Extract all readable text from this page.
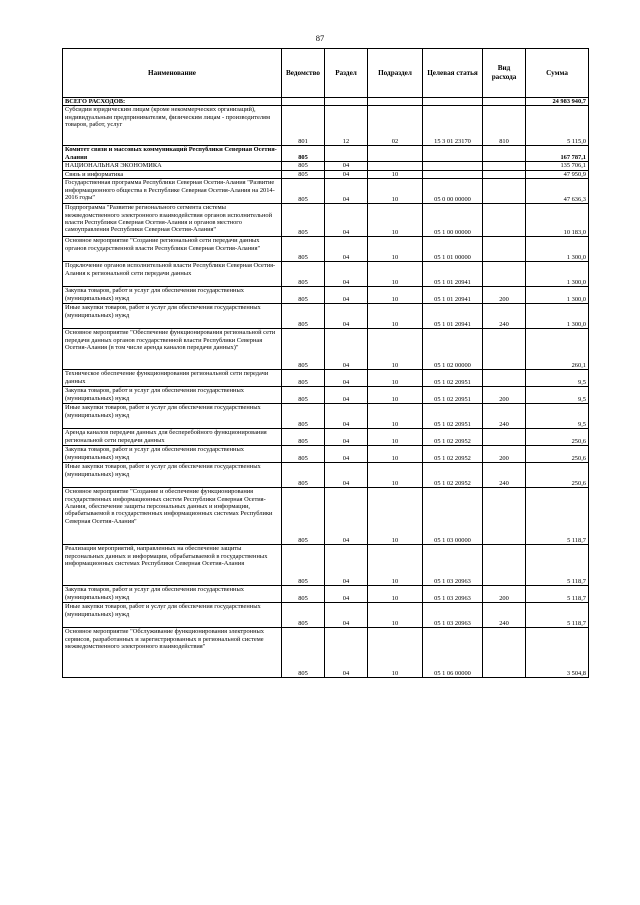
87
Наименование	Ведомство	Раздел	Подраздел	Целевая статья	Вид расхода	Сумма
ВСЕГО РАСХОДОВ:						24 983 940,7
Субсидии юридическим лицам (кроме некоммерческих организаций), индивидуальным предпринимателям, физическим лицам - производителям товаров, работ, услуг	801	12	02	15 3 01 23170	810	5 115,0
Комитет связи и массовых коммуникаций Республики Северная Осетия-Алания	805					167 787,1
НАЦИОНАЛЬНАЯ ЭКОНОМИКА	805	04				135 706,1
Связь и информатика	805	04	10			47 950,9
Государственная программа Республики Северная Осетия-Алания "Развитие информационного общества в Республике Северная Осетия-Алания на 2014-2016 годы"	805	04	10	05 0 00 00000		47 636,3
Подпрограмма "Развитие регионального сегмента системы межведомственного электронного взаимодействия органов исполнительной власти Республики Северная Осетия-Алания и органов местного самоуправления Республики Северная Осетия-Алания"	805	04	10	05 1 00 00000		10 183,0
Основное мероприятие "Создание региональной сети передачи данных органов государственной власти Республики Северная Осетия-Алания"	805	04	10	05 1 01 00000		1 300,0
Подключение органов исполнительной власти Республики Северная Осетия-Алания к региональной сети передачи данных	805	04	10	05 1 01 20941		1 300,0
Закупка товаров, работ и услуг для обеспечения государственных (муниципальных) нужд	805	04	10	05 1 01 20941	200	1 300,0
Иные закупки товаров, работ и услуг для обеспечения государственных (муниципальных) нужд	805	04	10	05 1 01 20941	240	1 300,0
Основное мероприятие "Обеспечение функционирования региональной сети передачи данных органов государственной власти Республики Северная Осетия-Алания (в том числе аренда каналов передачи данных)"	805	04	10	05 1 02 00000		260,1
Техническое обеспечение функционирования региональной сети передачи данных	805	04	10	05 1 02 20951		9,5
Закупка товаров, работ и услуг для обеспечения государственных (муниципальных) нужд	805	04	10	05 1 02 20951	200	9,5
Иные закупки товаров, работ и услуг для обеспечения государственных (муниципальных) нужд	805	04	10	05 1 02 20951	240	9,5
Аренда каналов передачи данных для бесперебойного функционирования региональной сети передачи данных	805	04	10	05 1 02 20952		250,6
Закупка товаров, работ и услуг для обеспечения государственных (муниципальных) нужд	805	04	10	05 1 02 20952	200	250,6
Иные закупки товаров, работ и услуг для обеспечения государственных (муниципальных) нужд	805	04	10	05 1 02 20952	240	250,6
Основное мероприятие "Создание и обеспечение функционирования государственных информационных систем Республики Северная Осетия-Алания, обеспечение защиты персональных данных и информации, обрабатываемой в государственных информационных системах Республики Северная Осетия-Алания"	805	04	10	05 1 03 00000		5 118,7
Реализация мероприятий, направленных на обеспечение защиты персональных данных и информации, обрабатываемой в государственных информационных системах Республики Северная Осетия-Алания	805	04	10	05 1 03 20963		5 118,7
Закупка товаров, работ и услуг для обеспечения государственных (муниципальных) нужд	805	04	10	05 1 03 20963	200	5 118,7
Иные закупки товаров, работ и услуг для обеспечения государственных (муниципальных) нужд	805	04	10	05 1 03 20963	240	5 118,7
Основное мероприятие "Обслуживание функционирования электронных сервисов, разработанных и зарегистрированных в региональной системе межведомственного электронного взаимодействия"	805	04	10	05 1 06 00000		3 504,8
